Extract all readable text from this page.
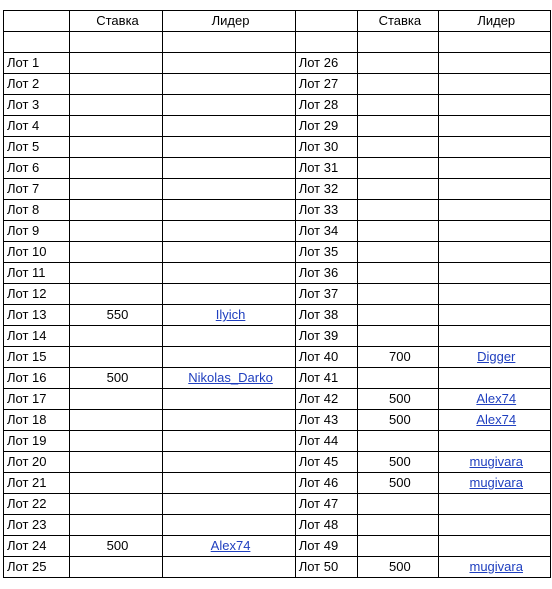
	Ставка	Лидер		Ставка	Лидер

Лот 1			Лот 26		
Лот 2			Лот 27		
Лот 3			Лот 28		
Лот 4			Лот 29		
Лот 5			Лот 30		
Лот 6			Лот 31		
Лот 7			Лот 32		
Лот 8			Лот 33		
Лот 9			Лот 34		
Лот 10			Лот 35		
Лот 11			Лот 36		
Лот 12			Лот 37		
Лот 13	550	Ilyich	Лот 38		
Лот 14			Лот 39		
Лот 15			Лот 40	700	Digger
Лот 16	500	Nikolas_Darko	Лот 41		
Лот 17			Лот 42	500	Alex74
Лот 18			Лот 43	500	Alex74
Лот 19			Лот 44		
Лот 20			Лот 45	500	mugivara
Лот 21			Лот 46	500	mugivara
Лот 22			Лот 47		
Лот 23			Лот 48		
Лот 24	500	Alex74	Лот 49		
Лот 25			Лот 50	500	mugivara
